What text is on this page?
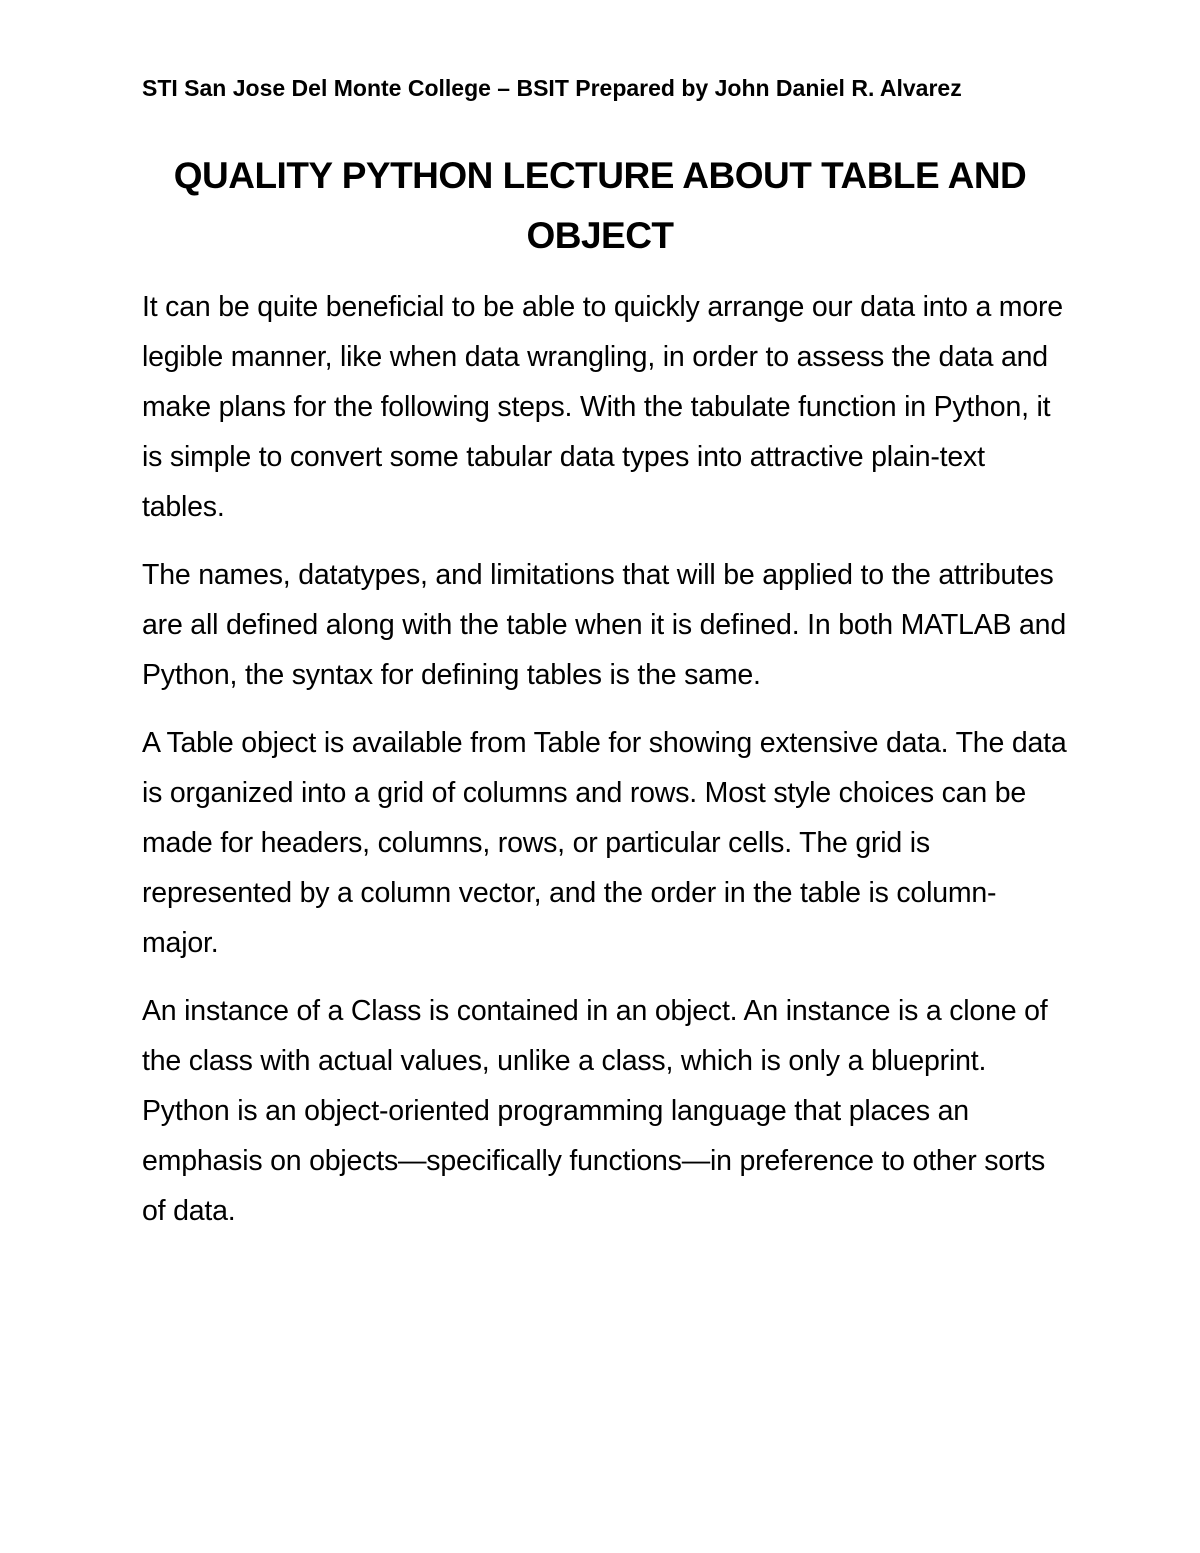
STI San Jose Del Monte College – BSIT Prepared by John Daniel R. Alvarez
QUALITY PYTHON LECTURE ABOUT TABLE AND OBJECT

It can be quite beneficial to be able to quickly arrange our data into a more legible manner, like when data wrangling, in order to assess the data and make plans for the following steps. With the tabulate function in Python, it is simple to convert some tabular data types into attractive plain-text tables.

The names, datatypes, and limitations that will be applied to the attributes are all defined along with the table when it is defined. In both MATLAB and Python, the syntax for defining tables is the same.

A Table object is available from Table for showing extensive data. The data is organized into a grid of columns and rows. Most style choices can be made for headers, columns, rows, or particular cells. The grid is represented by a column vector, and the order in the table is column-major.

An instance of a Class is contained in an object. An instance is a clone of the class with actual values, unlike a class, which is only a blueprint. Python is an object-oriented programming language that places an emphasis on objects—specifically functions—in preference to other sorts of data.
